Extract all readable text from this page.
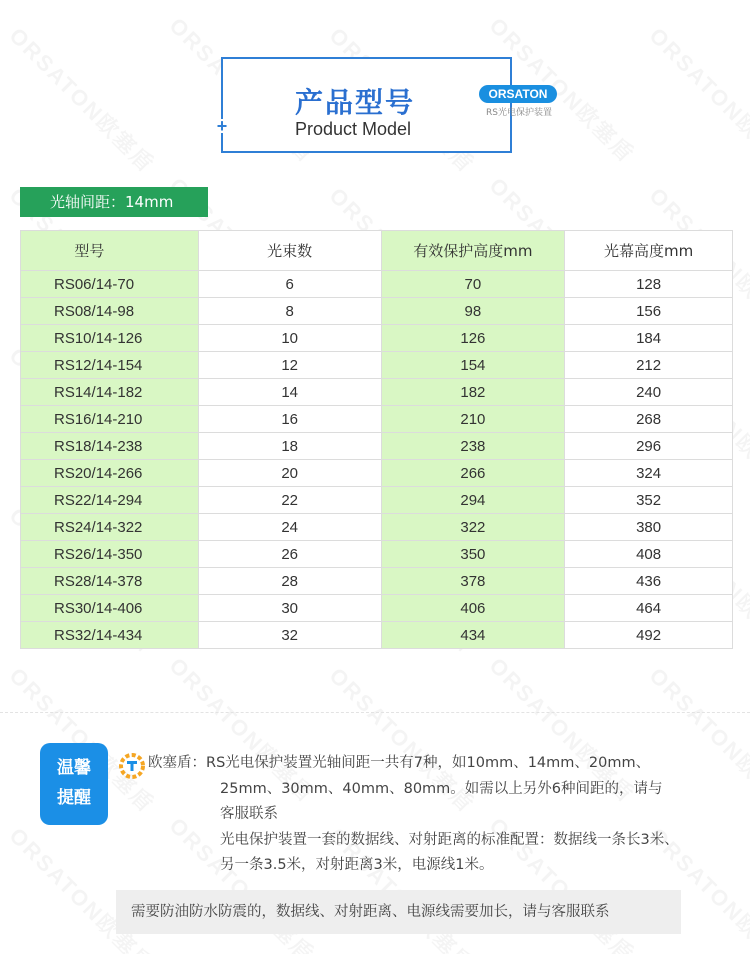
+
产品型号
Product Model
ORSATON
RS光电保护装置
光轴间距：14mm
型号	光束数	有效保护高度mm	光幕高度mm
RS06/14-70	6	70	128
RS08/14-98	8	98	156
RS10/14-126	10	126	184
RS12/14-154	12	154	212
RS14/14-182	14	182	240
RS16/14-210	16	210	268
RS18/14-238	18	238	296
RS20/14-266	20	266	324
RS22/14-294	22	294	352
RS24/14-322	24	322	380
RS26/14-350	26	350	408
RS28/14-378	28	378	436
RS30/14-406	30	406	464
RS32/14-434	32	434	492
温馨
提醒
欧塞盾：RS光电保护装置光轴间距一共有7种，如10mm、14mm、20mm、
25mm、30mm、40mm、80mm。如需以上另外6种间距的，请与
客服联系
光电保护装置一套的数据线、对射距离的标准配置：数据线一条长3米、
另一条3.5米，对射距离3米，电源线1米。
需要防油防水防震的，数据线、对射距离、电源线需要加长，请与客服联系
